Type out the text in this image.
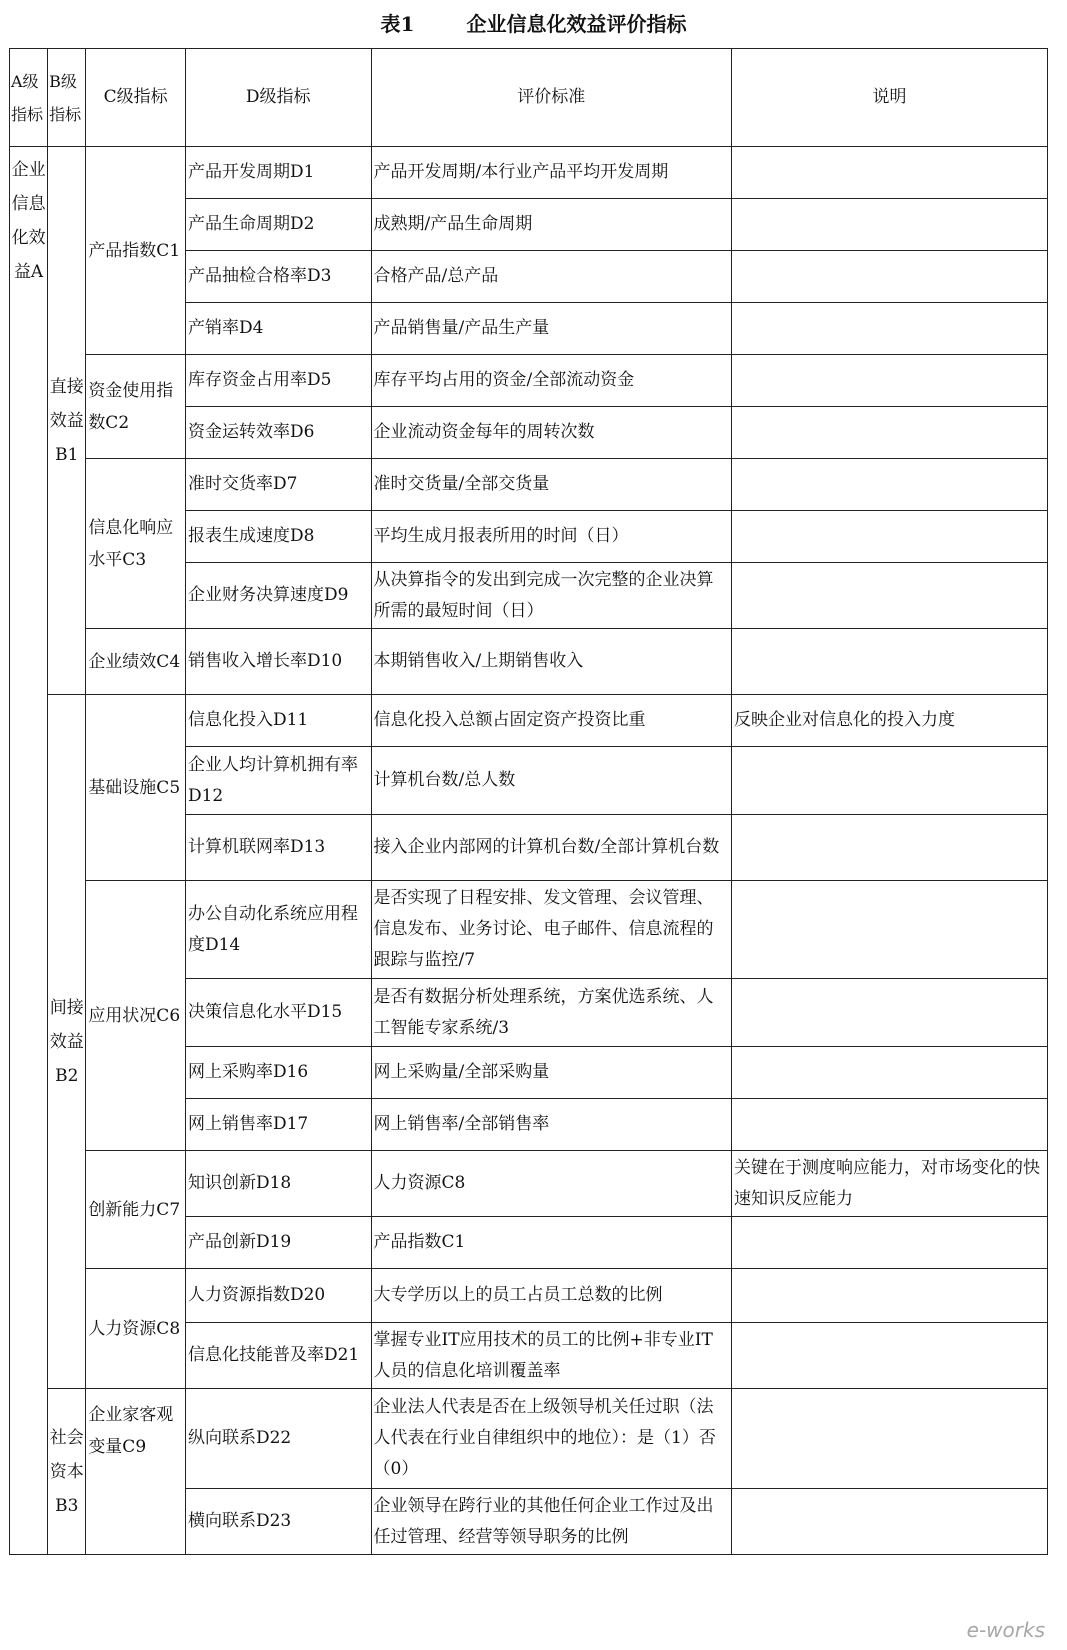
表1	企业信息化效益评价指标
A级指标	B级指标	C级指标	D级指标	评价标准	说明
企业信息化效益A	直接效益B1	产品指数C1	产品开发周期D1	产品开发周期/本行业产品平均开发周期	
			产品生命周期D2	成熟期/产品生命周期	
			产品抽检合格率D3	合格产品/总产品	
			产销率D4	产品销售量/产品生产量	
		资金使用指数C2	库存资金占用率D5	库存平均占用的资金/全部流动资金	
			资金运转效率D6	企业流动资金每年的周转次数	
		信息化响应水平C3	准时交货率D7	准时交货量/全部交货量	
			报表生成速度D8	平均生成月报表所用的时间（日）	
			企业财务决算速度D9	从决算指令的发出到完成一次完整的企业决算所需的最短时间（日）	
		企业绩效C4	销售收入增长率D10	本期销售收入/上期销售收入	
	间接效益B2	基础设施C5	信息化投入D11	信息化投入总额占固定资产投资比重	反映企业对信息化的投入力度
			企业人均计算机拥有率D12	计算机台数/总人数	
			计算机联网率D13	接入企业内部网的计算机台数/全部计算机台数	
		应用状况C6	办公自动化系统应用程度D14	是否实现了日程安排、发文管理、会议管理、信息发布、业务讨论、电子邮件、信息流程的跟踪与监控/7	
			决策信息化水平D15	是否有数据分析处理系统，方案优选系统、人工智能专家系统/3	
			网上采购率D16	网上采购量/全部采购量	
			网上销售率D17	网上销售率/全部销售率	
		创新能力C7	知识创新D18	人力资源C8	关键在于测度响应能力，对市场变化的快速知识反应能力
			产品创新D19	产品指数C1	
		人力资源C8	人力资源指数D20	大专学历以上的员工占员工总数的比例	
			信息化技能普及率D21	掌握专业IT应用技术的员工的比例+非专业IT人员的信息化培训覆盖率	
	社会资本B3	企业家客观变量C9	纵向联系D22	企业法人代表是否在上级领导机关任过职（法人代表在行业自律组织中的地位）：是（1）否（0）	
			横向联系D23	企业领导在跨行业的其他任何企业工作过及出任过管理、经营等领导职务的比例	
e-works
